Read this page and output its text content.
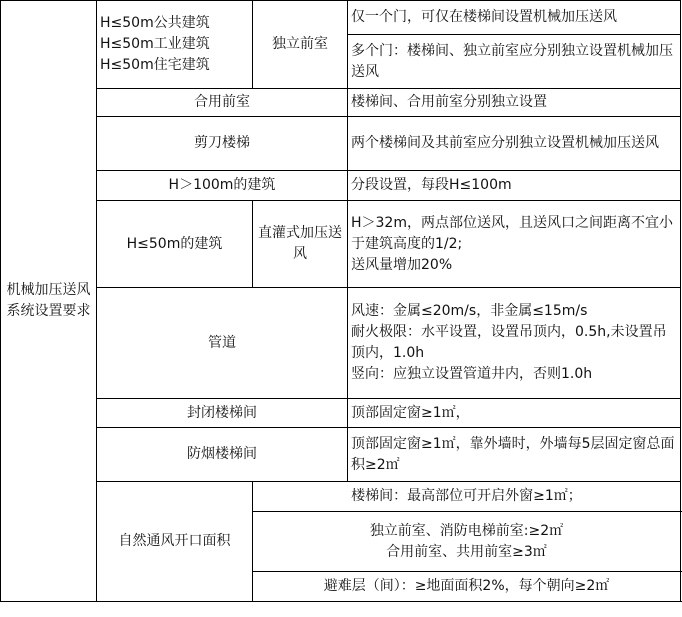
机械加压送风系统设置要求	H≤50m公共建筑
H≤50m工业建筑
H≤50m住宅建筑	独立前室	仅一个门，可仅在楼梯间设置机械加压送风
			多个门：楼梯间、独立前室应分别独立设置机械加压送风
	合用前室		楼梯间、合用前室分别独立设置
	剪刀楼梯		两个楼梯间及其前室应分别独立设置机械加压送风
	H＞100m的建筑		分段设置，每段H≤100m
	H≤50m的建筑	直灌式加压送风	H＞32m，两点部位送风，且送风口之间距离不宜小于建筑高度的1/2;
送风量增加20%

	管道		风速：金属≤20m/s，非金属≤15m/s
耐火极限：水平设置，设置吊顶内，0.5h,未设置吊顶内，1.0h
竖向：应独立设置管道井内，否则1.0h

	封闭楼梯间		顶部固定窗≥1㎡，
	防烟楼梯间		顶部固定窗≥1㎡，靠外墙时，外墙每5层固定窗总面积≥2㎡
	自然通风开口面积	楼梯间：最高部位可开启外窗≥1㎡；	

		独立前室、消防电梯前室:≥2㎡
合用前室、共用前室≥3㎡	

		避难层（间）：≥地面面积2%，每个朝向≥2㎡	
